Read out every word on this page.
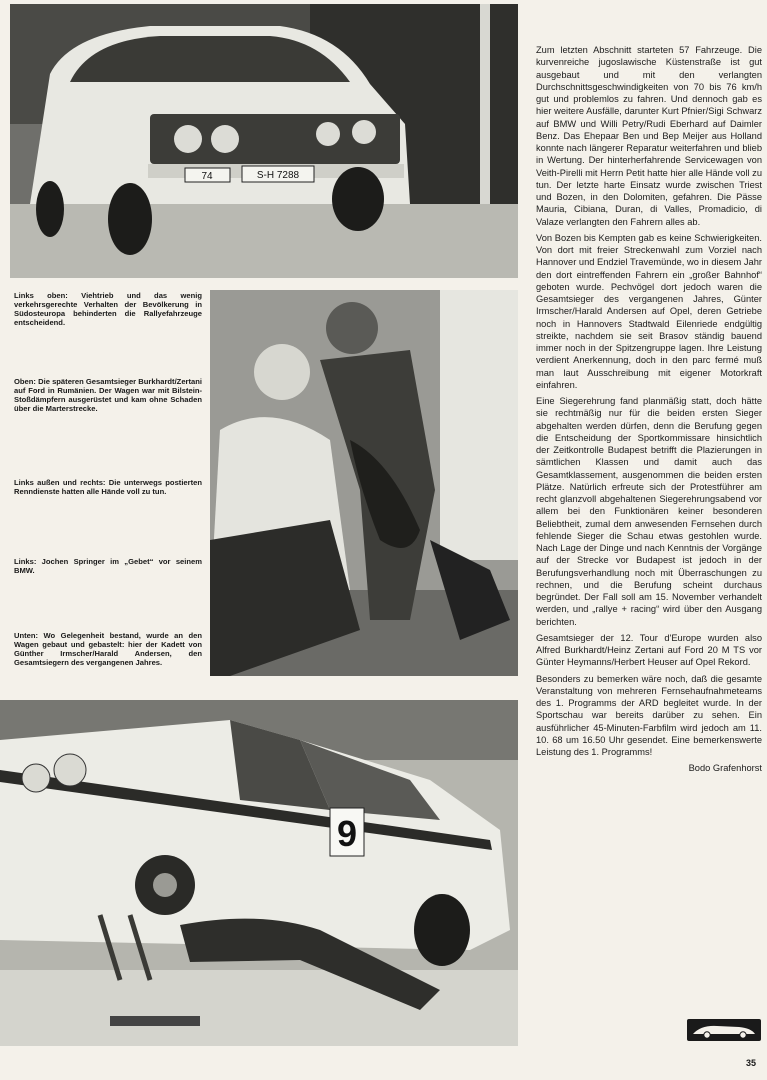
74	S-H 7288
9

Links oben: Viehtrieb und das wenig verkehrsgerechte Verhalten der Bevölkerung in Südosteuropa behinderten die Rallyefahrzeuge entscheidend.

Oben: Die späteren Gesamtsieger Burkhardt/Zertani auf Ford in Rumänien. Der Wagen war mit Bilstein-Stoßdämpfern ausgerüstet und kam ohne Schaden über die Marterstrecke.

Links außen und rechts: Die unterwegs postierten Renndienste hatten alle Hände voll zu tun.

Links: Jochen Springer im „Gebet“ vor seinem BMW.

Unten: Wo Gelegenheit bestand, wurde an den Wagen gebaut und gebastelt: hier der Kadett von Günther Irmscher/Harald Andersen, den Gesamtsiegern des vergangenen Jahres.

Zum letzten Abschnitt starteten 57 Fahrzeuge. Die kurvenreiche jugoslawische Küstenstraße ist gut ausgebaut und mit den verlangten Durchschnittsgeschwindigkeiten von 70 bis 76 km/h gut und problemlos zu fahren. Und dennoch gab es hier weitere Ausfälle, darunter Kurt Pfnier/Sigi Schwarz auf BMW und Willi Petry/Rudi Eberhard auf Daimler Benz. Das Ehepaar Ben und Bep Meijer aus Holland konnte nach längerer Reparatur weiterfahren und blieb in Wertung. Der hinterherfahrende Servicewagen von Veith-Pirelli mit Herrn Petit hatte hier alle Hände voll zu tun. Der letzte harte Einsatz wurde zwischen Triest und Bozen, in den Dolomiten, gefahren. Die Pässe Mauria, Cibiana, Duran, di Valles, Promadicio, di Valaze verlangten den Fahrern alles ab.

Von Bozen bis Kempten gab es keine Schwierigkeiten. Von dort mit freier Streckenwahl zum Vorziel nach Hannover und Endziel Travemünde, wo in diesem Jahr den dort eintreffenden Fahrern ein „großer Bahnhof“ geboten wurde. Pechvögel dort jedoch waren die Gesamtsieger des vergangenen Jahres, Günter Irmscher/Harald Andersen auf Opel, deren Getriebe noch in Hannovers Stadtwald Eilenriede endgültig streikte, nachdem sie seit Brasov ständig bauend immer noch in der Spitzengruppe lagen. Ihre Leistung verdient Anerkennung, doch in den parc fermé muß man laut Ausschreibung mit eigener Motorkraft einfahren.

Eine Siegerehrung fand planmäßig statt, doch hätte sie rechtmäßig nur für die beiden ersten Sieger abgehalten werden dürfen, denn die Berufung gegen die Entscheidung der Sportkommissare hinsichtlich der Zeitkontrolle Budapest betrifft die Plazierungen in sämtlichen Klassen und damit auch das Gesamtklassement, ausgenommen die beiden ersten Plätze. Natürlich erfreute sich der Protestführer am recht glanzvoll abgehaltenen Siegerehrungsabend vor allem bei den Funktionären keiner besonderen Beliebtheit, zumal dem anwesenden Fernsehen durch fehlende Sieger die Schau etwas gestohlen wurde. Nach Lage der Dinge und nach Kenntnis der Vorgänge auf der Strecke vor Budapest ist jedoch in der Berufungsverhandlung noch mit Überraschungen zu rechnen, und die Berufung scheint durchaus begründet. Der Fall soll am 15. November verhandelt werden, und „rallye + racing“ wird über den Ausgang berichten.

Gesamtsieger der 12. Tour d'Europe wurden also Alfred Burkhardt/Heinz Zertani auf Ford 20 M TS vor Günter Heymanns/Herbert Heuser auf Opel Rekord.

Besonders zu bemerken wäre noch, daß die gesamte Veranstaltung von mehreren Fernsehaufnahmeteams des 1. Programms der ARD begleitet wurde. In der Sportschau war bereits darüber zu sehen. Ein ausführlicher 45-Minuten-Farbfilm wird jedoch am 11. 10. 68 um 16.50 Uhr gesendet. Eine bemerkenswerte Leistung des 1. Programms!

Bodo Grafenhorst
35
